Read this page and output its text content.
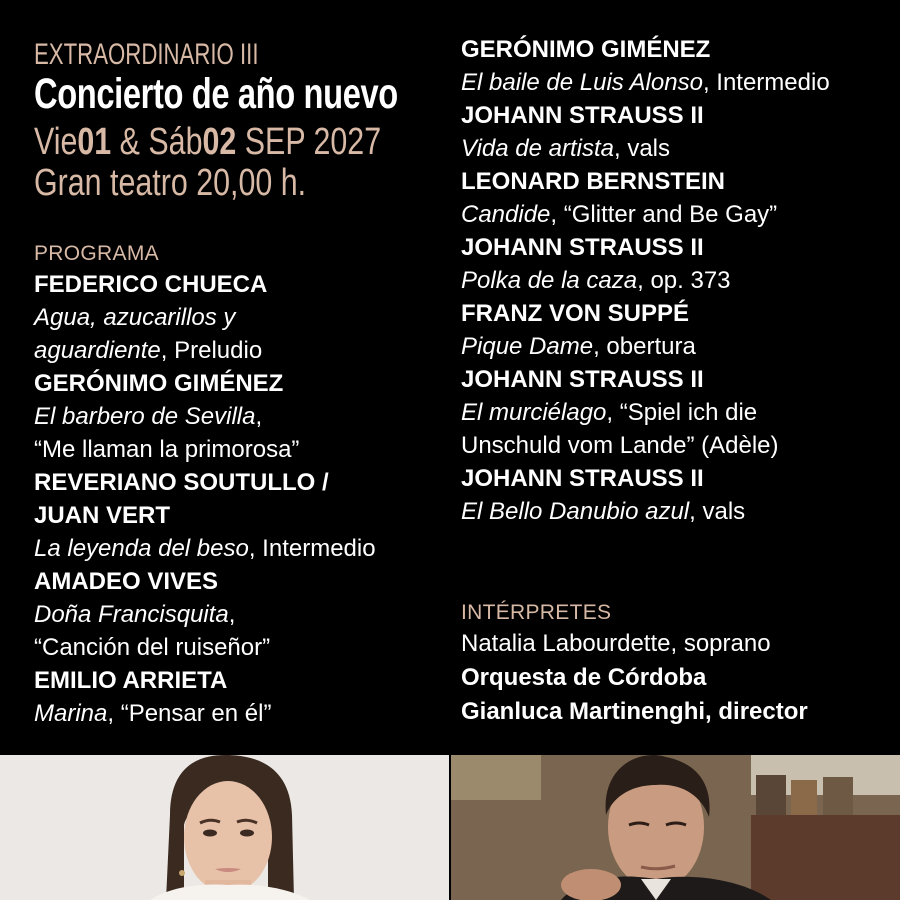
EXTRAORDINARIO III
Concierto de año nuevo
Vie01 & Sáb02 SEP 2027
Gran teatro 20,00 h.
PROGRAMA
FEDERICO CHUECA
Agua, azucarillos y
aguardiente, Preludio
GERÓNIMO GIMÉNEZ
El barbero de Sevilla,
“Me llaman la primorosa”
REVERIANO SOUTULLO /
JUAN VERT
La leyenda del beso, Intermedio
AMADEO VIVES
Doña Francisquita,
“Canción del ruiseñor”
EMILIO ARRIETA
Marina, “Pensar en él”
GERÓNIMO GIMÉNEZ
El baile de Luis Alonso, Intermedio
JOHANN STRAUSS II
Vida de artista, vals
LEONARD BERNSTEIN
Candide, “Glitter and Be Gay”
JOHANN STRAUSS II
Polka de la caza, op. 373
FRANZ VON SUPPÉ
Pique Dame, obertura
JOHANN STRAUSS II
El murciélago, “Spiel ich die
Unschuld vom Lande” (Adèle)
JOHANN STRAUSS II
El Bello Danubio azul, vals
INTÉRPRETES
Natalia Labourdette, soprano
Orquesta de Córdoba
Gianluca Martinenghi, director
